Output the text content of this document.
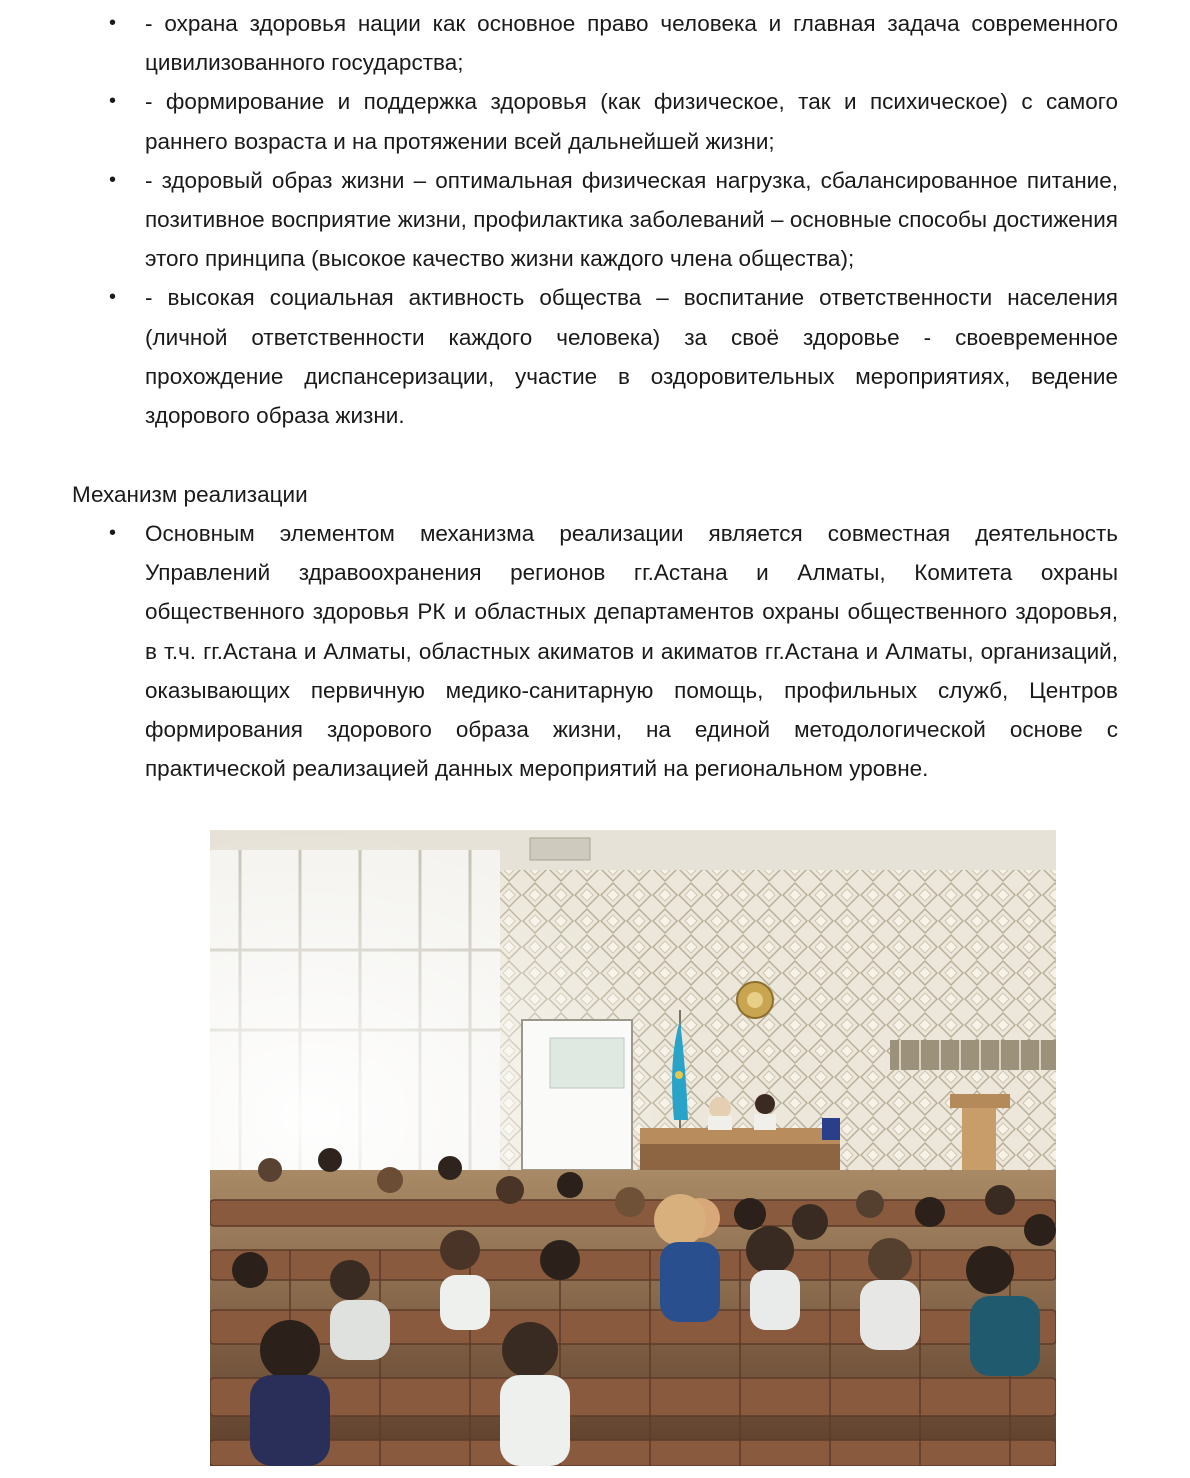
•	- охрана здоровья нации как основное право человека и главная задача современного цивилизованного государства;
•	- формирование и поддержка здоровья (как физическое, так и психическое) с самого раннего возраста и на протяжении всей дальнейшей жизни;
•	- здоровый образ жизни – оптимальная физическая нагрузка, сбалансированное питание, позитивное восприятие жизни, профилактика заболеваний – основные способы достижения этого принципа (высокое качество жизни каждого члена общества);
•	- высокая социальная активность общества – воспитание ответственности населения (личной ответственности каждого человека) за своё здоровье - своевременное прохождение диспансеризации, участие в оздоровительных мероприятиях, ведение здорового образа жизни.
Механизм реализации
•	Основным элементом механизма реализации является совместная деятельность Управлений здравоохранения регионов гг.Астана и Алматы, Комитета охраны общественного здоровья РК и областных департаментов охраны общественного здоровья, в т.ч. гг.Астана и Алматы, областных акиматов и акиматов гг.Астана и Алматы, организаций, оказывающих первичную медико-санитарную помощь, профильных служб, Центров формирования здорового образа жизни, на единой методологической основе с практической реализацией данных мероприятий на региональном уровне.
